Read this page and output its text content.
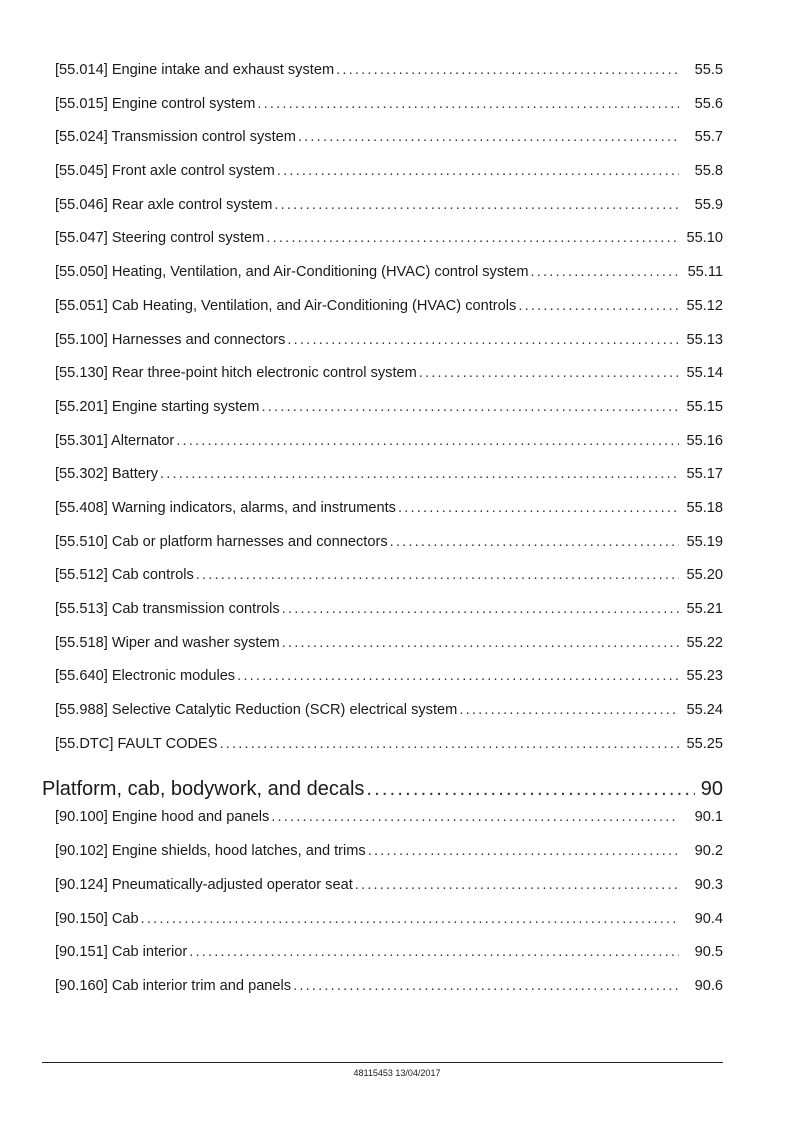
[55.014] Engine intake and exhaust system .....	55.5
[55.015] Engine control system .....	55.6
[55.024] Transmission control system .....	55.7
[55.045] Front axle control system .....	55.8
[55.046] Rear axle control system .....	55.9
[55.047] Steering control system .....	55.10
[55.050] Heating, Ventilation, and Air-Conditioning (HVAC) control system .....	55.11
[55.051] Cab Heating, Ventilation, and Air-Conditioning (HVAC) controls .....	55.12
[55.100] Harnesses and connectors .....	55.13
[55.130] Rear three-point hitch electronic control system .....	55.14
[55.201] Engine starting system .....	55.15
[55.301] Alternator .....	55.16
[55.302] Battery .....	55.17
[55.408] Warning indicators, alarms, and instruments .....	55.18
[55.510] Cab or platform harnesses and connectors .....	55.19
[55.512] Cab controls .....	55.20
[55.513] Cab transmission controls .....	55.21
[55.518] Wiper and washer system .....	55.22
[55.640] Electronic modules .....	55.23
[55.988] Selective Catalytic Reduction (SCR) electrical system .....	55.24
[55.DTC] FAULT CODES .....	55.25
Platform, cab, bodywork, and decals .....	90
[90.100] Engine hood and panels .....	90.1
[90.102] Engine shields, hood latches, and trims .....	90.2
[90.124] Pneumatically-adjusted operator seat .....	90.3
[90.150] Cab .....	90.4
[90.151] Cab interior .....	90.5
[90.160] Cab interior trim and panels .....	90.6
48115453 13/04/2017
